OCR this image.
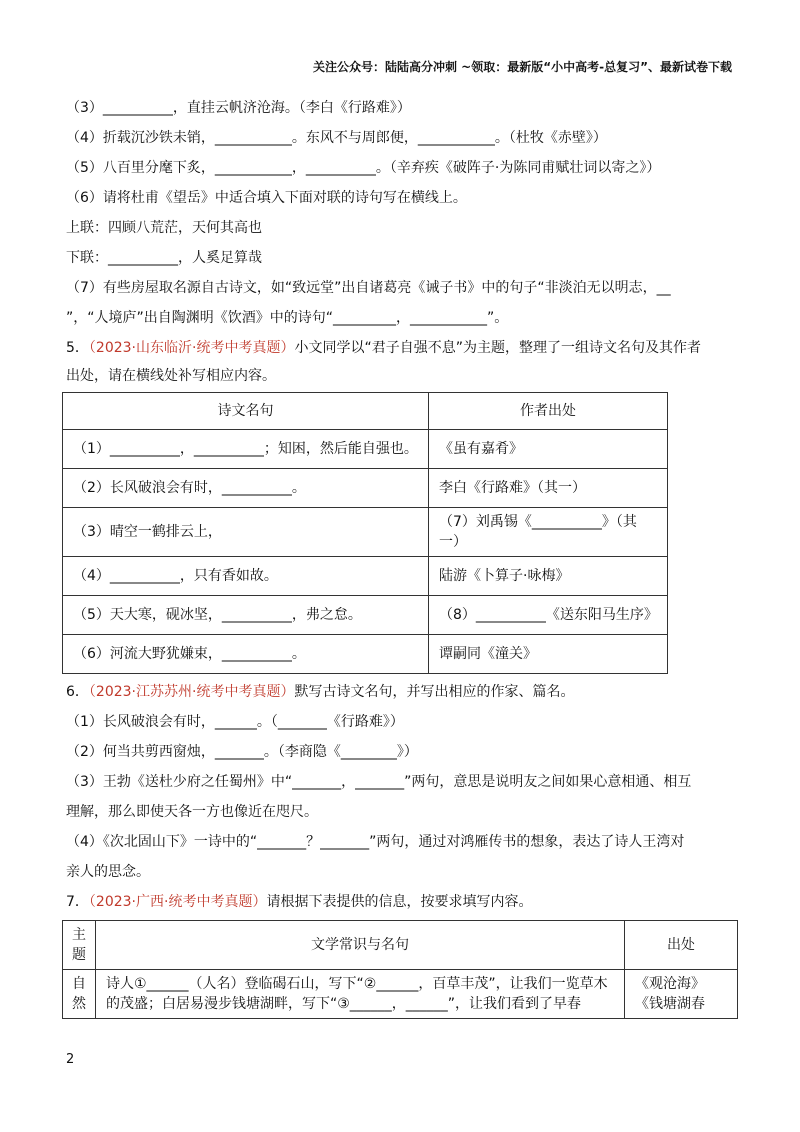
关注公众号：陆陆高分冲刺 ~领取：最新版“小中高考-总复习”、最新试卷下载
（3）__________，直挂云帆济沧海。（李白《行路难》）
（4）折载沉沙铁未销，___________。东风不与周郎便，___________。（杜牧《赤壁》）
（5）八百里分麾下炙，___________，__________。（辛弃疾《破阵子·为陈同甫赋壮词以寄之》）
（6）请将杜甫《望岳》中适合填入下面对联的诗句写在横线上。
上联：四顾八荒茫，天何其高也
下联：__________，人奚足算哉
（7）有些房屋取名源自古诗文，如“致远堂”出自诸葛亮《诫子书》中的句子“非淡泊无以明志，__
”，“人境庐”出自陶渊明《饮酒》中的诗句“_________，___________”。
5．（2023·山东临沂·统考中考真题）小文同学以“君子自强不息”为主题，整理了一组诗文名句及其作者
出处，请在横线处补写相应内容。
诗文名句	作者出处
（1）__________，__________；知困，然后能自强也。	《虽有嘉肴》
（2）长风破浪会有时，__________。	李白《行路难》（其一）
（3）晴空一鹤排云上，	（7）刘禹锡《__________》（其一）
（4）__________，只有香如故。	陆游《卜算子·咏梅》
（5）天大寒，砚冰坚，__________，弗之怠。	（8）__________《送东阳马生序》
（6）河流大野犹嫌束，__________。	谭嗣同《潼关》
6．（2023·江苏苏州·统考中考真题）默写古诗文名句，并写出相应的作家、篇名。
（1）长风破浪会有时，______。（_______《行路难》）
（2）何当共剪西窗烛，_______。（李商隐《________》）
（3）王勃《送杜少府之任蜀州》中“_______，_______”两句，意思是说明友之间如果心意相通、相互
理解，那么即使天各一方也像近在咫尺。
（4）《次北固山下》一诗中的“_______？_______”两句，通过对鸿雁传书的想象，表达了诗人王湾对
亲人的思念。
7．（2023·广西·统考中考真题）请根据下表提供的信息，按要求填写内容。
主题	文学常识与名句	出处
自然	诗人①______（人名）登临碣石山，写下“②______，百草丰茂”，让我们一览草木的茂盛；白居易漫步钱塘湖畔，写下“③______，______”，让我们看到了早春	《观沧海》
《钱塘湖春
2
